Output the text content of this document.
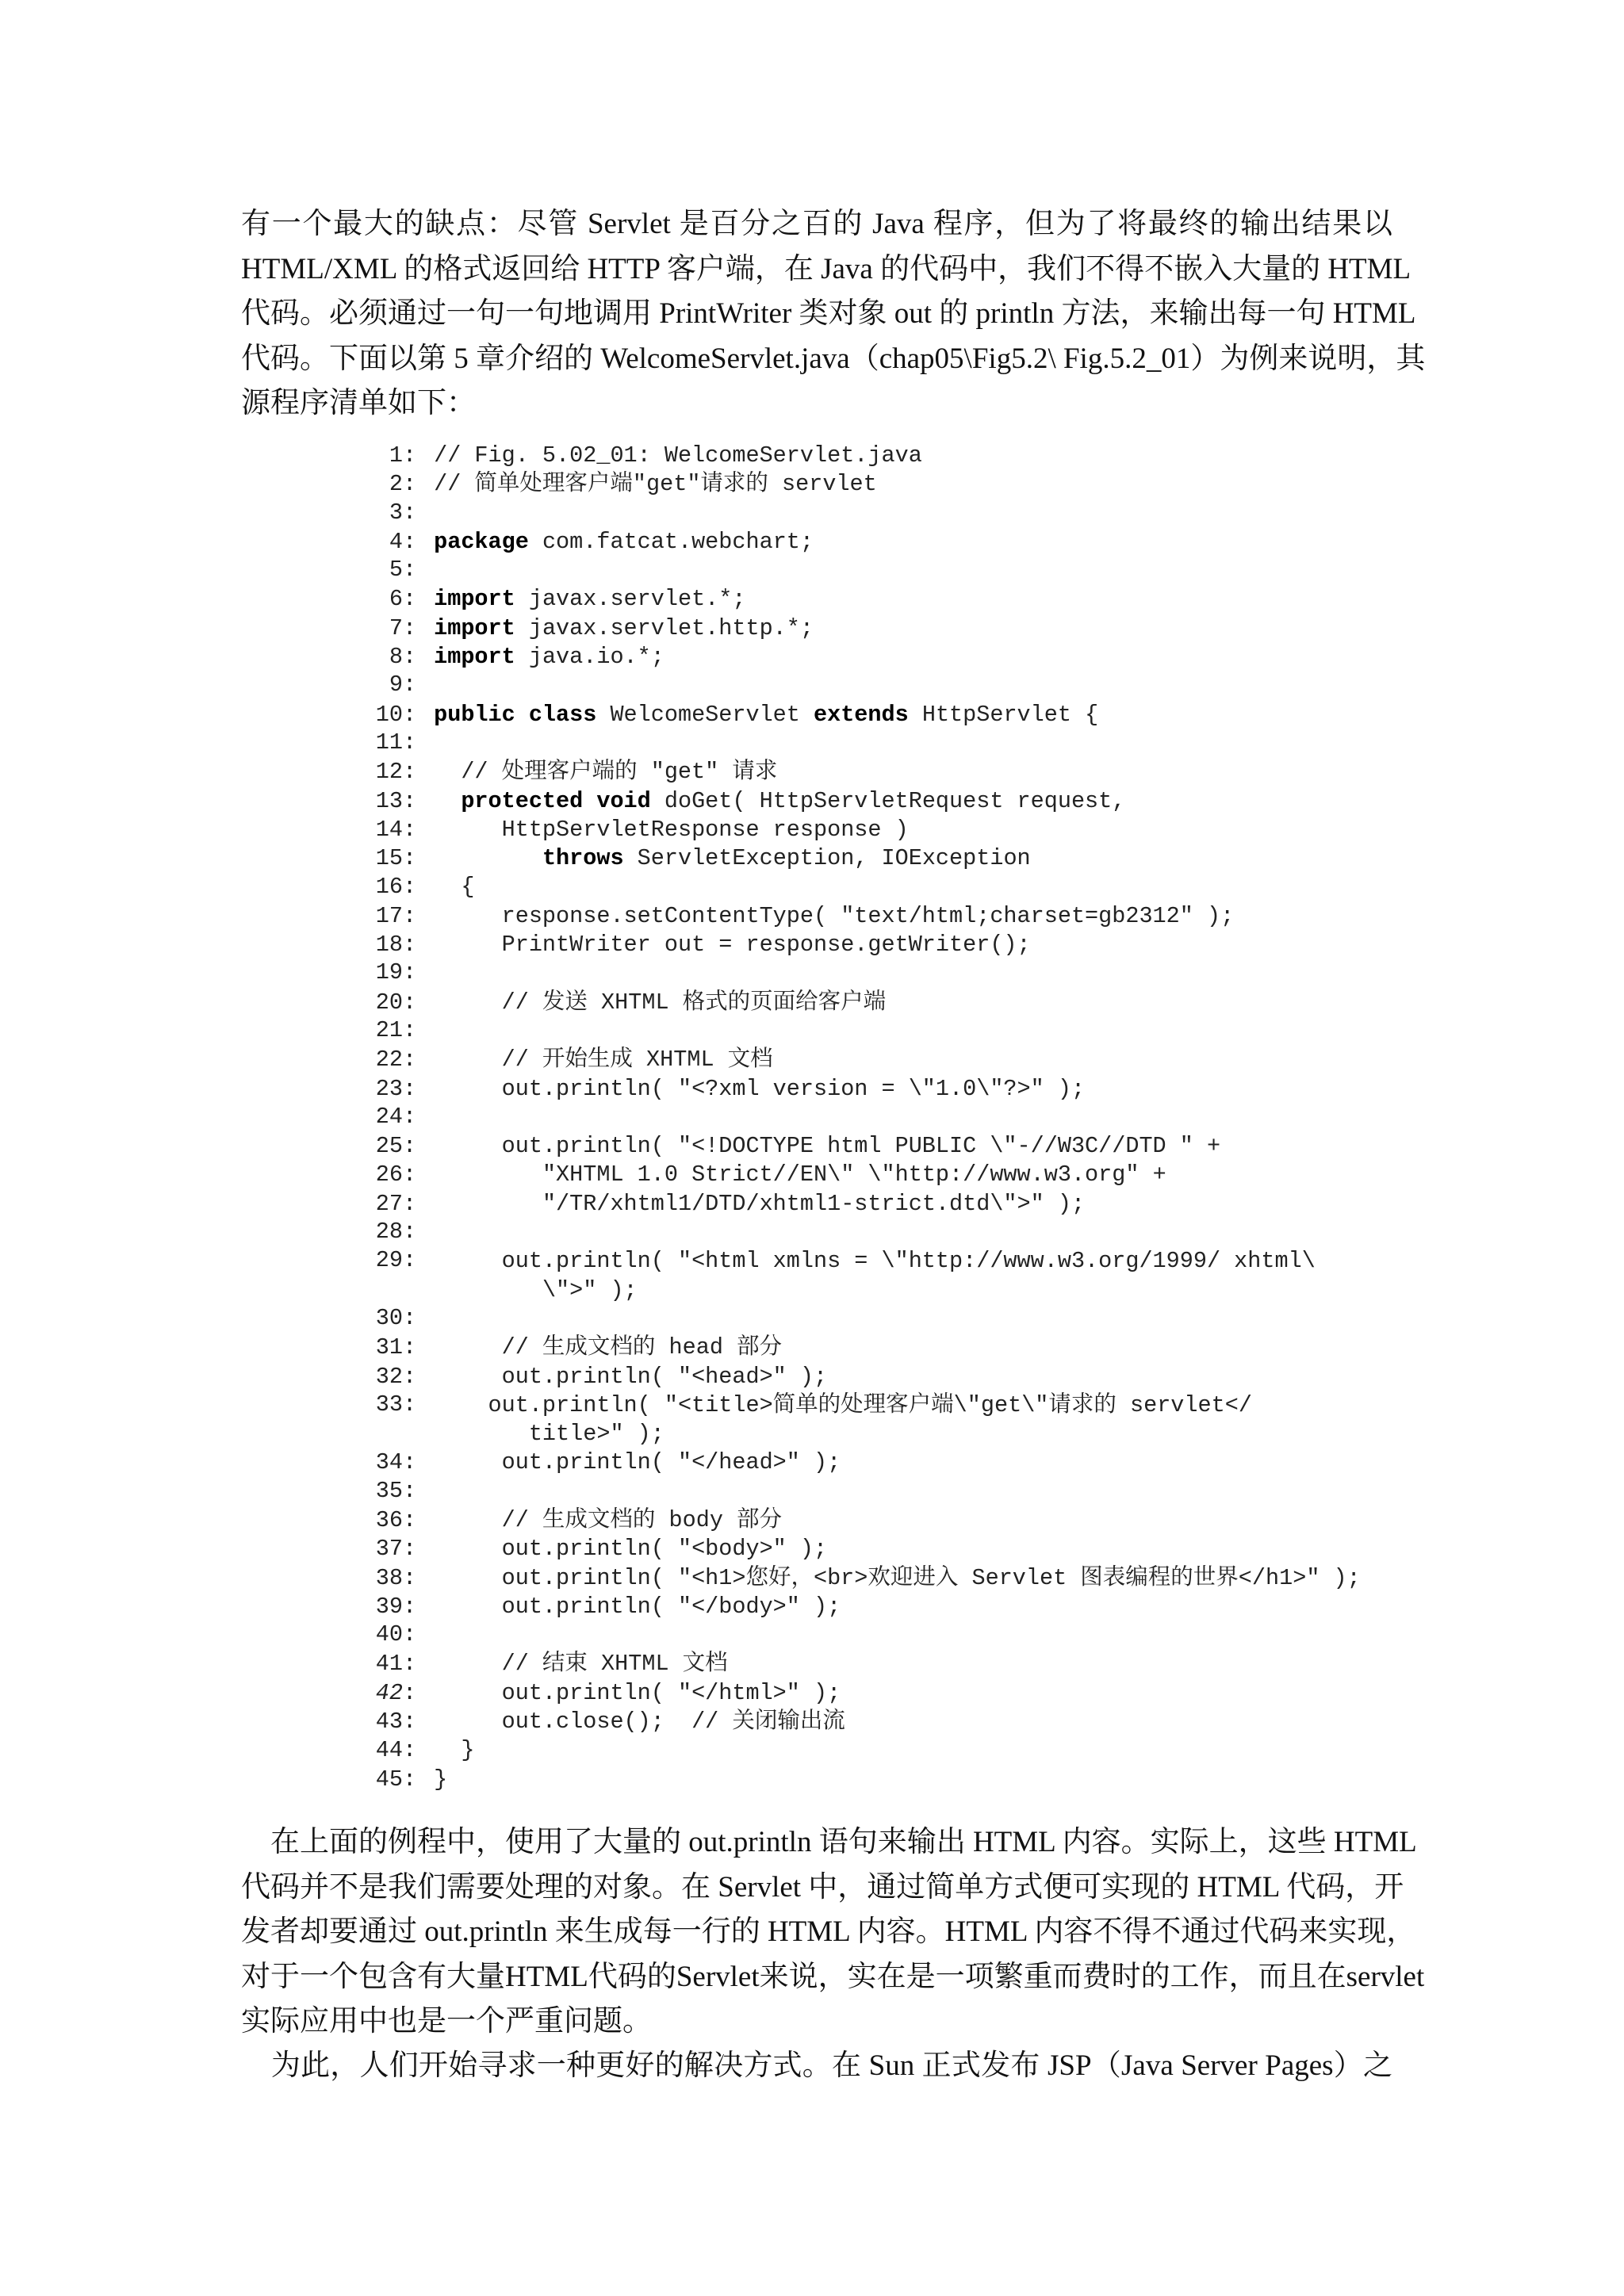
有一个最大的缺点：尽管 Servlet 是百分之百的 Java 程序，但为了将最终的输出结果以
HTML/XML 的格式返回给 HTTP 客户端，在 Java 的代码中，我们不得不嵌入大量的 HTML
代码。必须通过一句一句地调用 PrintWriter 类对象 out 的 println 方法，来输出每一句 HTML
代码。下面以第 5 章介绍的 WelcomeServlet.java（chap05\Fig5.2\ Fig.5.2_01）为例来说明，其
源程序清单如下：
1 : // Fig. 5.02_01: WelcomeServlet.java
2 : // 简单处理客户端"get"请求的 servlet
3 :
4 : package com.fatcat.webchart;
5 :
6 : import javax.servlet.*;
7 : import javax.servlet.http.*;
8 : import java.io.*;
9 :
10 : public class WelcomeServlet extends HttpServlet {
11 :
12 : // 处理客户端的 "get" 请求
13 :	protected void doGet( HttpServletRequest request,
14 : HttpServletResponse response )
15 :	throws ServletException, IOException
16 : {
17 : response.setContentType( "text/html;charset=gb2312" );
18 : PrintWriter out = response.getWriter();
19 :
20 : // 发送 XHTML 格式的页面给客户端
21 :
22 : // 开始生成 XHTML 文档
23 : out.println( "<?xml version = \"1.0\"?>" );
24 :
25 : out.println( "<!DOCTYPE html PUBLIC \"-//W3C//DTD " +
26 : "XHTML 1.0 Strict//EN\" \"http://www.w3.org" +
27 : "/TR/xhtml1/DTD/xhtml1-strict.dtd\">" );
28 :
29 :	out.println( "<html xmlns = \"http://www.w3.org/1999/ xhtml\
\">" );
30 :
31 : // 生成文档的 head 部分
32 : out.println( "<head>" );
33 :	out.println( "<title>简单的处理客户端\"get\"请求的 servlet</
title>" );
34 : out.println( "</head>" );
35 :
36 : // 生成文档的 body 部分
37 : out.println( "<body>" );
38 : out.println( "<h1>您好，<br>欢迎进入 Servlet 图表编程的世界</h1>" );
39 : out.println( "</body>" );
40 :
41 : // 结束 XHTML 文档
42 : out.println( "</html>" );
43 : out.close();  // 关闭输出流
44 : }
45 : }
在上面的例程中，使用了大量的 out.println 语句来输出 HTML 内容。实际上，这些 HTML
代码并不是我们需要处理的对象。在 Servlet 中，通过简单方式便可实现的 HTML 代码，开
发者却要通过 out.println 来生成每一行的 HTML 内容。HTML 内容不得不通过代码来实现，
对于一个包含有大量HTML代码的Servlet来说，实在是一项繁重而费时的工作，而且在servlet
实际应用中也是一个严重问题。
为此，人们开始寻求一种更好的解决方式。在 Sun 正式发布 JSP（Java Server Pages）之
